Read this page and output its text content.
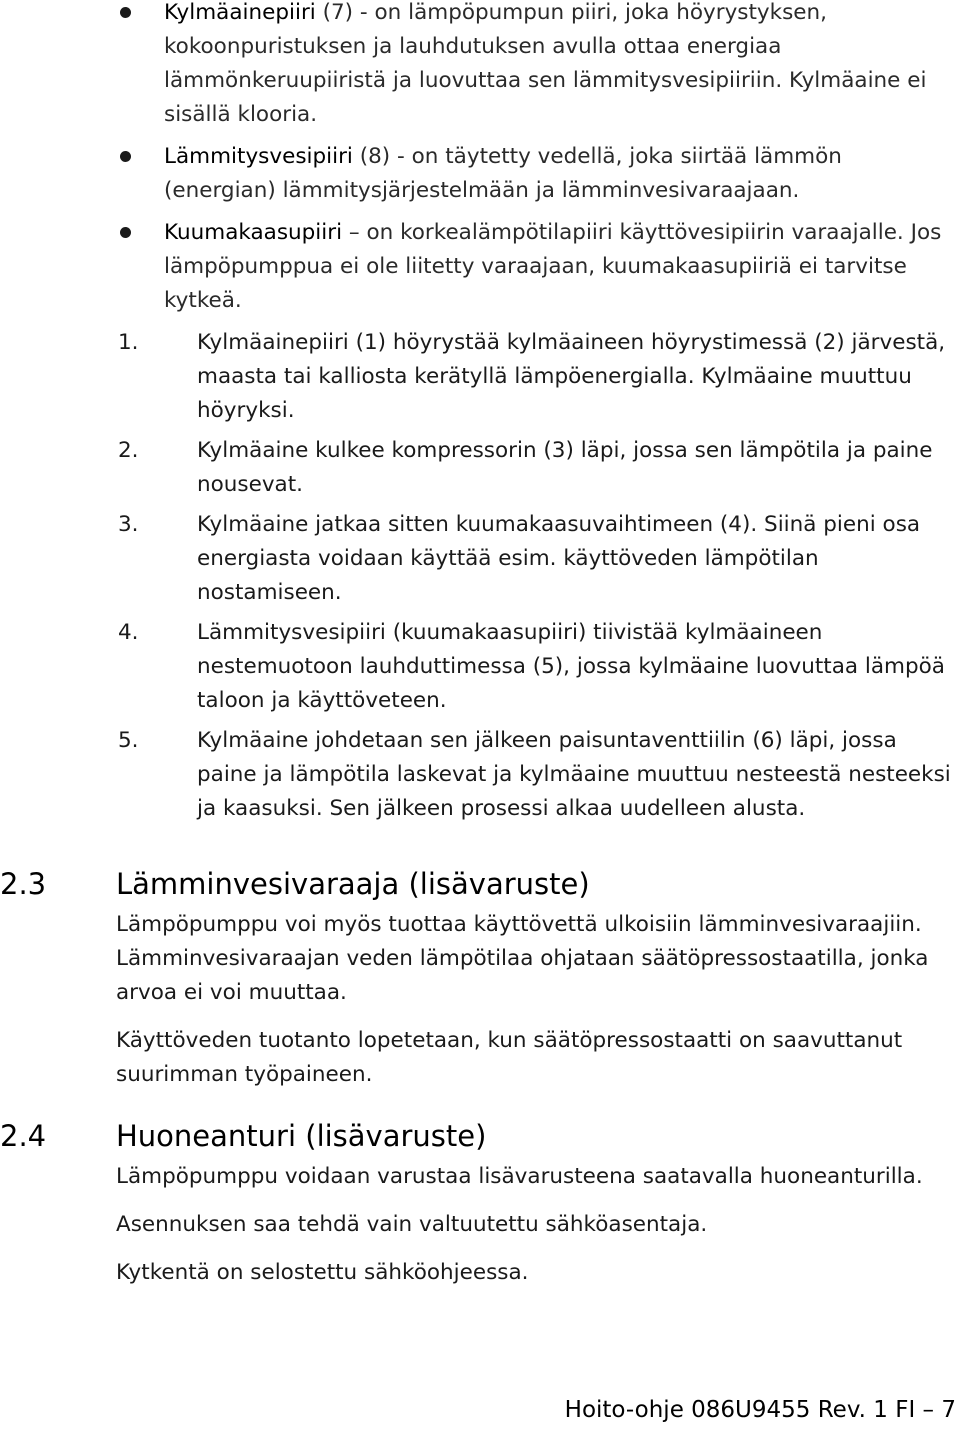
Kylmäainepiiri (7) - on lämpöpumpun piiri, joka höyrystyksen, kokoonpuristuksen ja lauhdutuksen avulla ottaa energiaa lämmönkeruupiiristä ja luovuttaa sen lämmitysvesipiiriin. Kylmäaine ei sisällä klooria.
Lämmitysvesipiiri (8) - on täytetty vedellä, joka siirtää lämmön (energian) lämmitysjärjestelmään ja lämminvesivaraajaan.
Kuumakaasupiiri – on korkealämpötilapiiri käyttövesipiirin varaajalle. Jos lämpöpumppua ei ole liitetty varaajaan, kuumakaasupiiriä ei tarvitse kytkeä.
1.	Kylmäainepiiri (1) höyrystää kylmäaineen höyrystimessä (2) järvestä, maasta tai kalliosta kerätyllä lämpöenergialla. Kylmäaine muuttuu höyryksi.
2.	Kylmäaine kulkee kompressorin (3) läpi, jossa sen lämpötila ja paine nousevat.
3.	Kylmäaine jatkaa sitten kuumakaasuvaihtimeen (4). Siinä pieni osa energiasta voidaan käyttää esim. käyttöveden lämpötilan nostamiseen.
4.	Lämmitysvesipiiri (kuumakaasupiiri) tiivistää kylmäaineen nestemuotoon lauhduttimessa (5), jossa kylmäaine luovuttaa lämpöä taloon ja käyttöveteen.
5.	Kylmäaine johdetaan sen jälkeen paisuntaventtiilin (6) läpi, jossa paine ja lämpötila laskevat ja kylmäaine muuttuu nesteestä nesteeksi ja kaasuksi. Sen jälkeen prosessi alkaa uudelleen alusta.
2.3 Lämminvesivaraaja (lisävaruste)

Lämpöpumppu voi myös tuottaa käyttövettä ulkoisiin lämminvesivaraajiin. Lämminvesivaraajan veden lämpötilaa ohjataan säätöpressostaatilla, jonka arvoa ei voi muuttaa.

Käyttöveden tuotanto lopetetaan, kun säätöpressostaatti on saavuttanut suurimman työpaineen.

2.4 Huoneanturi (lisävaruste)

Lämpöpumppu voidaan varustaa lisävarusteena saatavalla huoneanturilla.

Asennuksen saa tehdä vain valtuutettu sähköasentaja.

Kytkentä on selostettu sähköohjeessa.

Hoito-ohje 086U9455 Rev. 1 FI – 7
